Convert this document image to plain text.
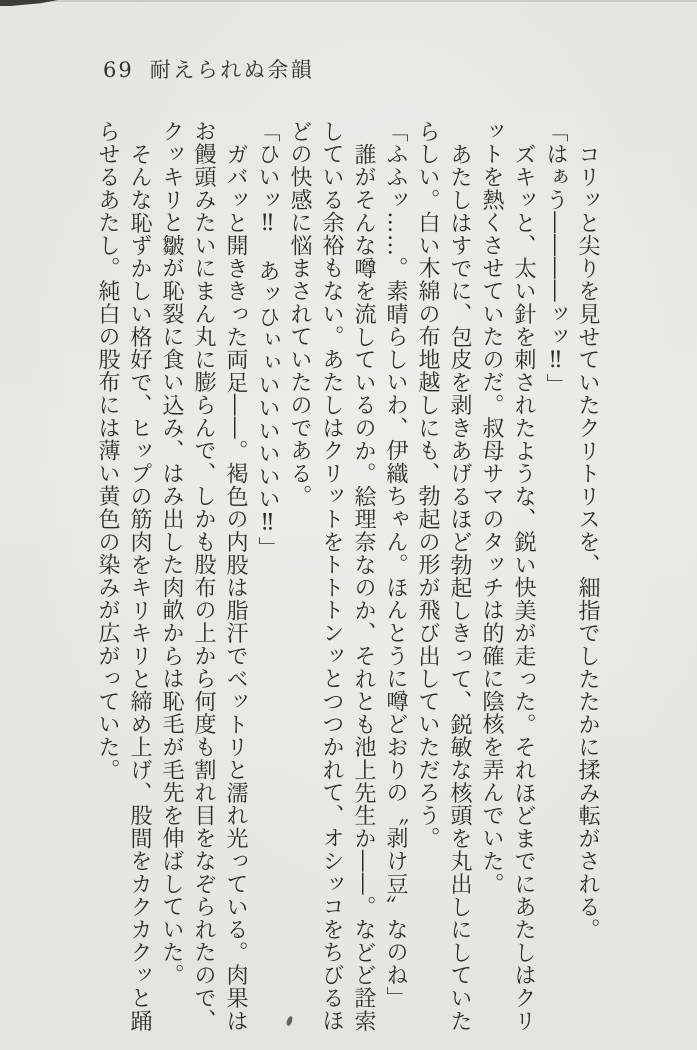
69 耐えられぬ余韻

コリッと尖りを見せていたクリトリスを、細指でしたたかに揉み転がされる。

「はぁう――――ッッ‼」

ズキッと、太い針を刺されたような、鋭い快美が走った。それほどまでにあたしはクリットを熱くさせていたのだ。叔母サマのタッチは的確に陰核を弄んでいた。

あたしはすでに、包皮を剥きあげるほど勃起しきって、鋭敏な核頭を丸出しにしていたらしい。白い木綿の布地越しにも、勃起の形が飛び出していただろう。

「ふふッ……。素晴らしいわ、伊織ちゃん。ほんとうに噂どおりの〝剥け豆〟なのね」

誰がそんな噂を流しているのか。絵理奈なのか、それとも池上先生か――。などど詮索している余裕もない。あたしはクリットをトトトンッとつつかれて、オシッコをちびるほどの快感に悩まされていたのである。

「ひいッ‼　あッひぃぃいいいいいい‼」

ガバッと開ききった両足――。褐色の内股は脂汗でベットリと濡れ光っている。肉果はお饅頭みたいにまん丸に膨らんで、しかも股布の上から何度も割れ目をなぞられたので、クッキリと皺が恥裂に食い込み、はみ出した肉畝からは恥毛が毛先を伸ばしていた。

そんな恥ずかしい格好で、ヒップの筋肉をキリキリと締め上げ、股間をカクカクッと踊らせるあたし。純白の股布には薄い黄色の染みが広がっていた。
